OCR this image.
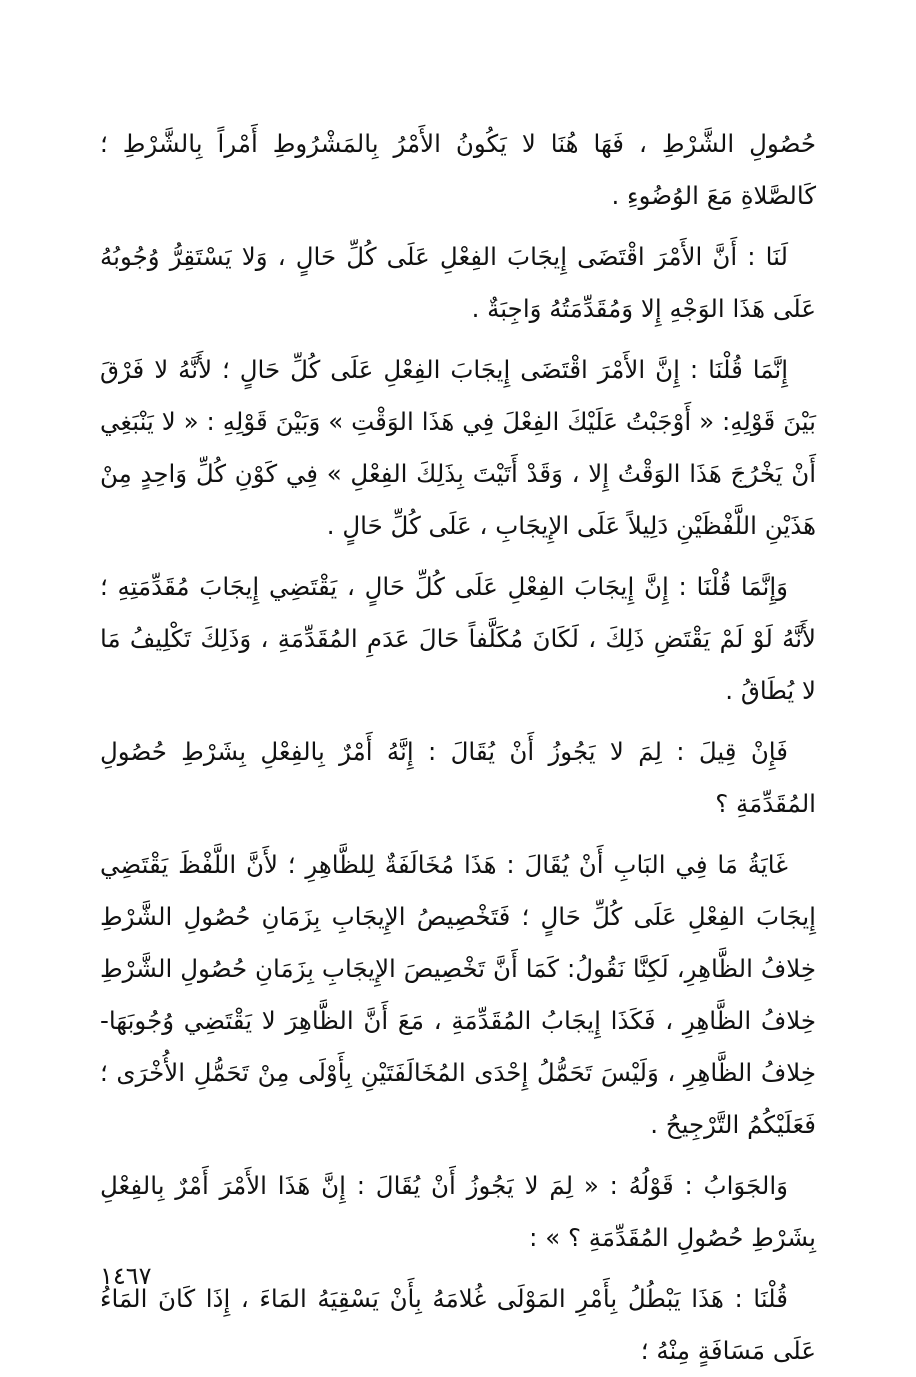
حُصُولِ الشَّرْطِ ، فَهَا هُنَا لا يَكُونُ الأَمْرُ بِالمَشْرُوطِ أَمْراً بِالشَّرْطِ ؛ كَالصَّلاةِ مَعَ الوُضُوءِ .

لَنَا : أَنَّ الأَمْرَ اقْتَضَى إِيجَابَ الفِعْلِ عَلَى كُلِّ حَالٍ ، وَلا يَسْتَقِرُّ وُجُوبُهُ عَلَى هَذَا الوَجْهِ إِلا وَمُقَدِّمَتُهُ وَاجِبَةٌ .

إِنَّمَا قُلْنَا : إِنَّ الأَمْرَ اقْتَضَى إِيجَابَ الفِعْلِ عَلَى كُلِّ حَالٍ ؛ لأَنَّهُ لا فَرْقَ بَيْنَ قَوْلِهِ: « أَوْجَبْتُ عَلَيْكَ الفِعْلَ فِي هَذَا الوَقْتِ » وَبَيْنَ قَوْلِهِ : « لا يَنْبَغِي أَنْ يَخْرُجَ هَذَا الوَقْتُ إِلا ، وَقَدْ أَتَيْتَ بِذَلِكَ الفِعْلِ » فِي كَوْنِ كُلِّ وَاحِدٍ مِنْ هَذَيْنِ اللَّفْظَيْنِ دَلِيلاً عَلَى الإِيجَابِ ، عَلَى كُلِّ حَالٍ .

وَإِنَّمَا قُلْنَا : إِنَّ إِيجَابَ الفِعْلِ عَلَى كُلِّ حَالٍ ، يَقْتَضِي إِيجَابَ مُقَدِّمَتِهِ ؛ لأَنَّهُ لَوْ لَمْ يَقْتَضِ ذَلِكَ ، لَكَانَ مُكَلَّفاً حَالَ عَدَمِ المُقَدِّمَةِ ، وَذَلِكَ تَكْلِيفُ مَا لا يُطَاقُ .

فَإِنْ قِيلَ : لِمَ لا يَجُوزُ أَنْ يُقَالَ : إِنَّهُ أَمْرٌ بِالفِعْلِ بِشَرْطِ حُصُولِ المُقَدِّمَةِ ؟

غَايَةُ مَا فِي البَابِ أَنْ يُقَالَ : هَذَا مُخَالَفَةٌ لِلظَّاهِرِ ؛ لأَنَّ اللَّفْظَ يَقْتَضِي إِيجَابَ الفِعْلِ عَلَى كُلِّ حَالٍ ؛ فَتَخْصِيصُ الإِيجَابِ بِزَمَانِ حُصُولِ الشَّرْطِ خِلافُ الظَّاهِرِ، لَكِنَّا نَقُولُ: كَمَا أَنَّ تَخْصِيصَ الإِيجَابِ بِزَمَانِ حُصُولِ الشَّرْطِ خِلافُ الظَّاهِرِ ، فَكَذَا إِيجَابُ المُقَدِّمَةِ ، مَعَ أَنَّ الظَّاهِرَ لا يَقْتَضِي وُجُوبَهَا- خِلافُ الظَّاهِرِ ، وَلَيْسَ تَحَمُّلُ إِحْدَى المُخَالَفَتَيْنِ بِأَوْلَى مِنْ تَحَمُّلِ الأُخْرَى ؛ فَعَلَيْكُمُ التَّرْجِيحُ .

وَالجَوَابُ : قَوْلُهُ : « لِمَ لا يَجُوزُ أَنْ يُقَالَ : إِنَّ هَذَا الأَمْرَ أَمْرٌ بِالفِعْلِ بِشَرْطِ حُصُولِ المُقَدِّمَةِ ؟ » :

قُلْنَا : هَذَا يَبْطُلُ بِأَمْرِ المَوْلَى غُلامَهُ بِأَنْ يَسْقِيَهُ المَاءَ ، إِذَا كَانَ المَاءُ عَلَى مَسَافَةٍ مِنْهُ ؛

١٤٦٧
